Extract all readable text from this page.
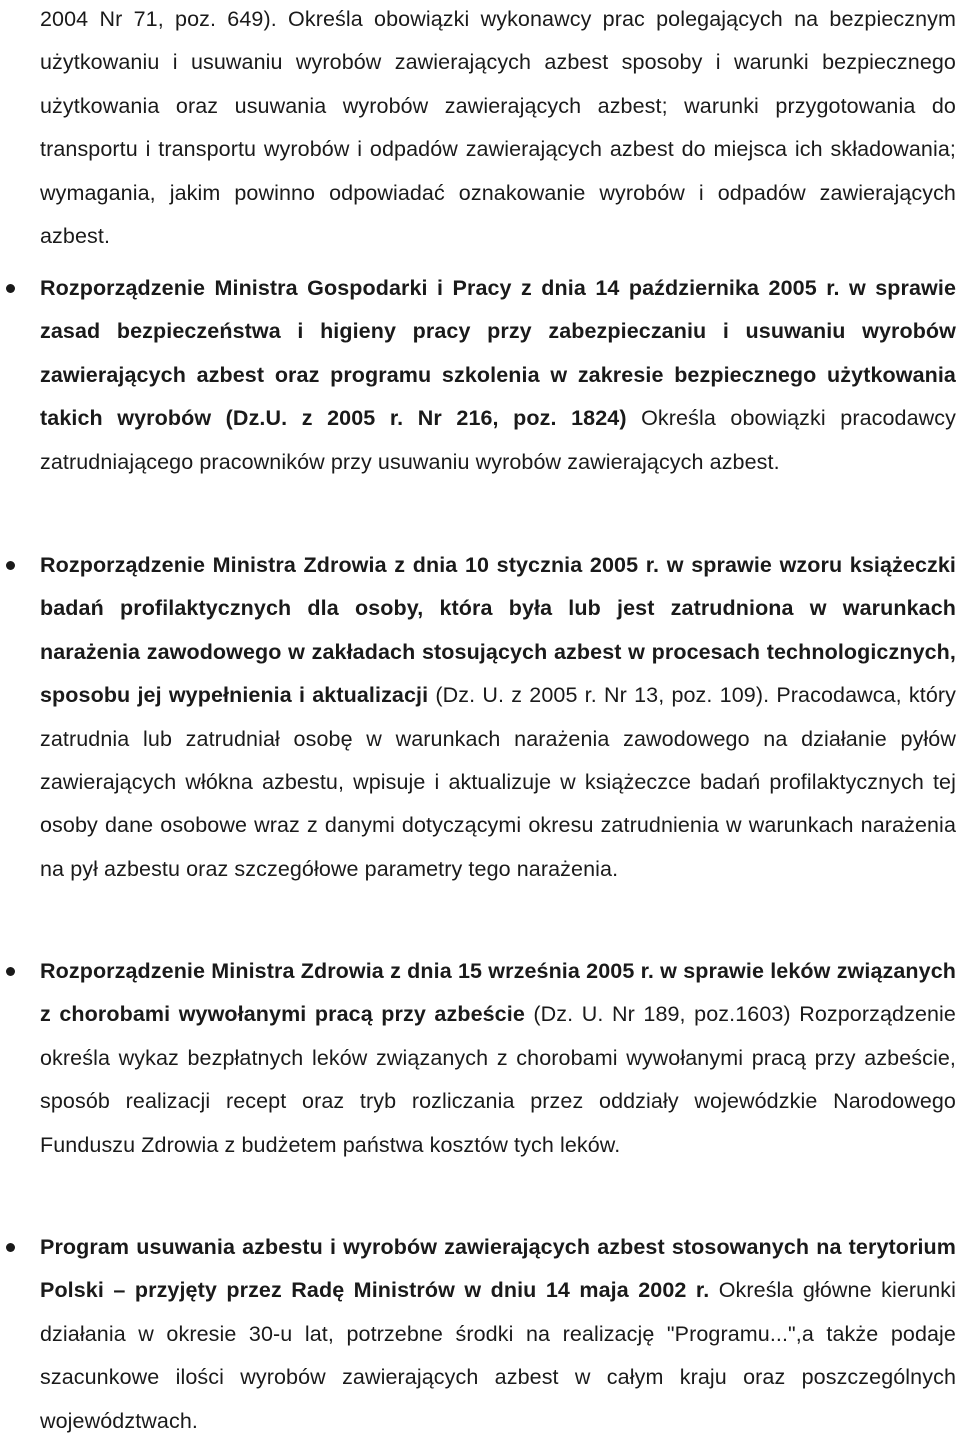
2004 Nr 71, poz. 649). Określa obowiązki wykonawcy prac polegających na bezpiecznym użytkowaniu i usuwaniu wyrobów zawierających azbest sposoby i warunki bezpiecznego użytkowania oraz usuwania wyrobów zawierających azbest; warunki przygotowania do transportu i transportu wyrobów i odpadów zawierających azbest do miejsca ich składowania; wymagania, jakim powinno odpowiadać oznakowanie wyrobów i odpadów zawierających azbest.

Rozporządzenie Ministra Gospodarki i Pracy z dnia 14 października 2005 r. w sprawie zasad bezpieczeństwa i higieny pracy przy zabezpieczaniu i usuwaniu wyrobów zawierających azbest oraz programu szkolenia w zakresie bezpiecznego użytkowania takich wyrobów (Dz.U. z 2005 r. Nr 216, poz. 1824) Określa obowiązki pracodawcy zatrudniającego pracowników przy usuwaniu wyrobów zawierających azbest.
Rozporządzenie Ministra Zdrowia z dnia 10 stycznia 2005 r. w sprawie wzoru książeczki badań profilaktycznych dla osoby, która była lub jest zatrudniona w warunkach narażenia zawodowego w zakładach stosujących azbest w procesach technologicznych, sposobu jej wypełnienia i aktualizacji (Dz. U. z 2005 r. Nr 13, poz. 109). Pracodawca, który zatrudnia lub zatrudniał osobę w warunkach narażenia zawodowego na działanie pyłów zawierających włókna azbestu, wpisuje i aktualizuje w książeczce badań profilaktycznych tej osoby dane osobowe wraz z danymi dotyczącymi okresu zatrudnienia w warunkach narażenia na pył azbestu oraz szczegółowe parametry tego narażenia.
Rozporządzenie Ministra Zdrowia z dnia 15 września 2005 r. w sprawie leków związanych z chorobami wywołanymi pracą przy azbeście (Dz. U. Nr 189, poz.1603) Rozporządzenie określa wykaz bezpłatnych leków związanych z chorobami wywołanymi pracą przy azbeście, sposób realizacji recept oraz tryb rozliczania przez oddziały wojewódzkie Narodowego Funduszu Zdrowia z budżetem państwa kosztów tych leków.
Program usuwania azbestu i wyrobów zawierających azbest stosowanych na terytorium Polski – przyjęty przez Radę Ministrów w dniu 14 maja 2002 r. Określa główne kierunki działania w okresie 30-u lat, potrzebne środki na realizację "Programu...",a także podaje szacunkowe ilości wyrobów zawierających azbest w całym kraju oraz poszczególnych województwach.
